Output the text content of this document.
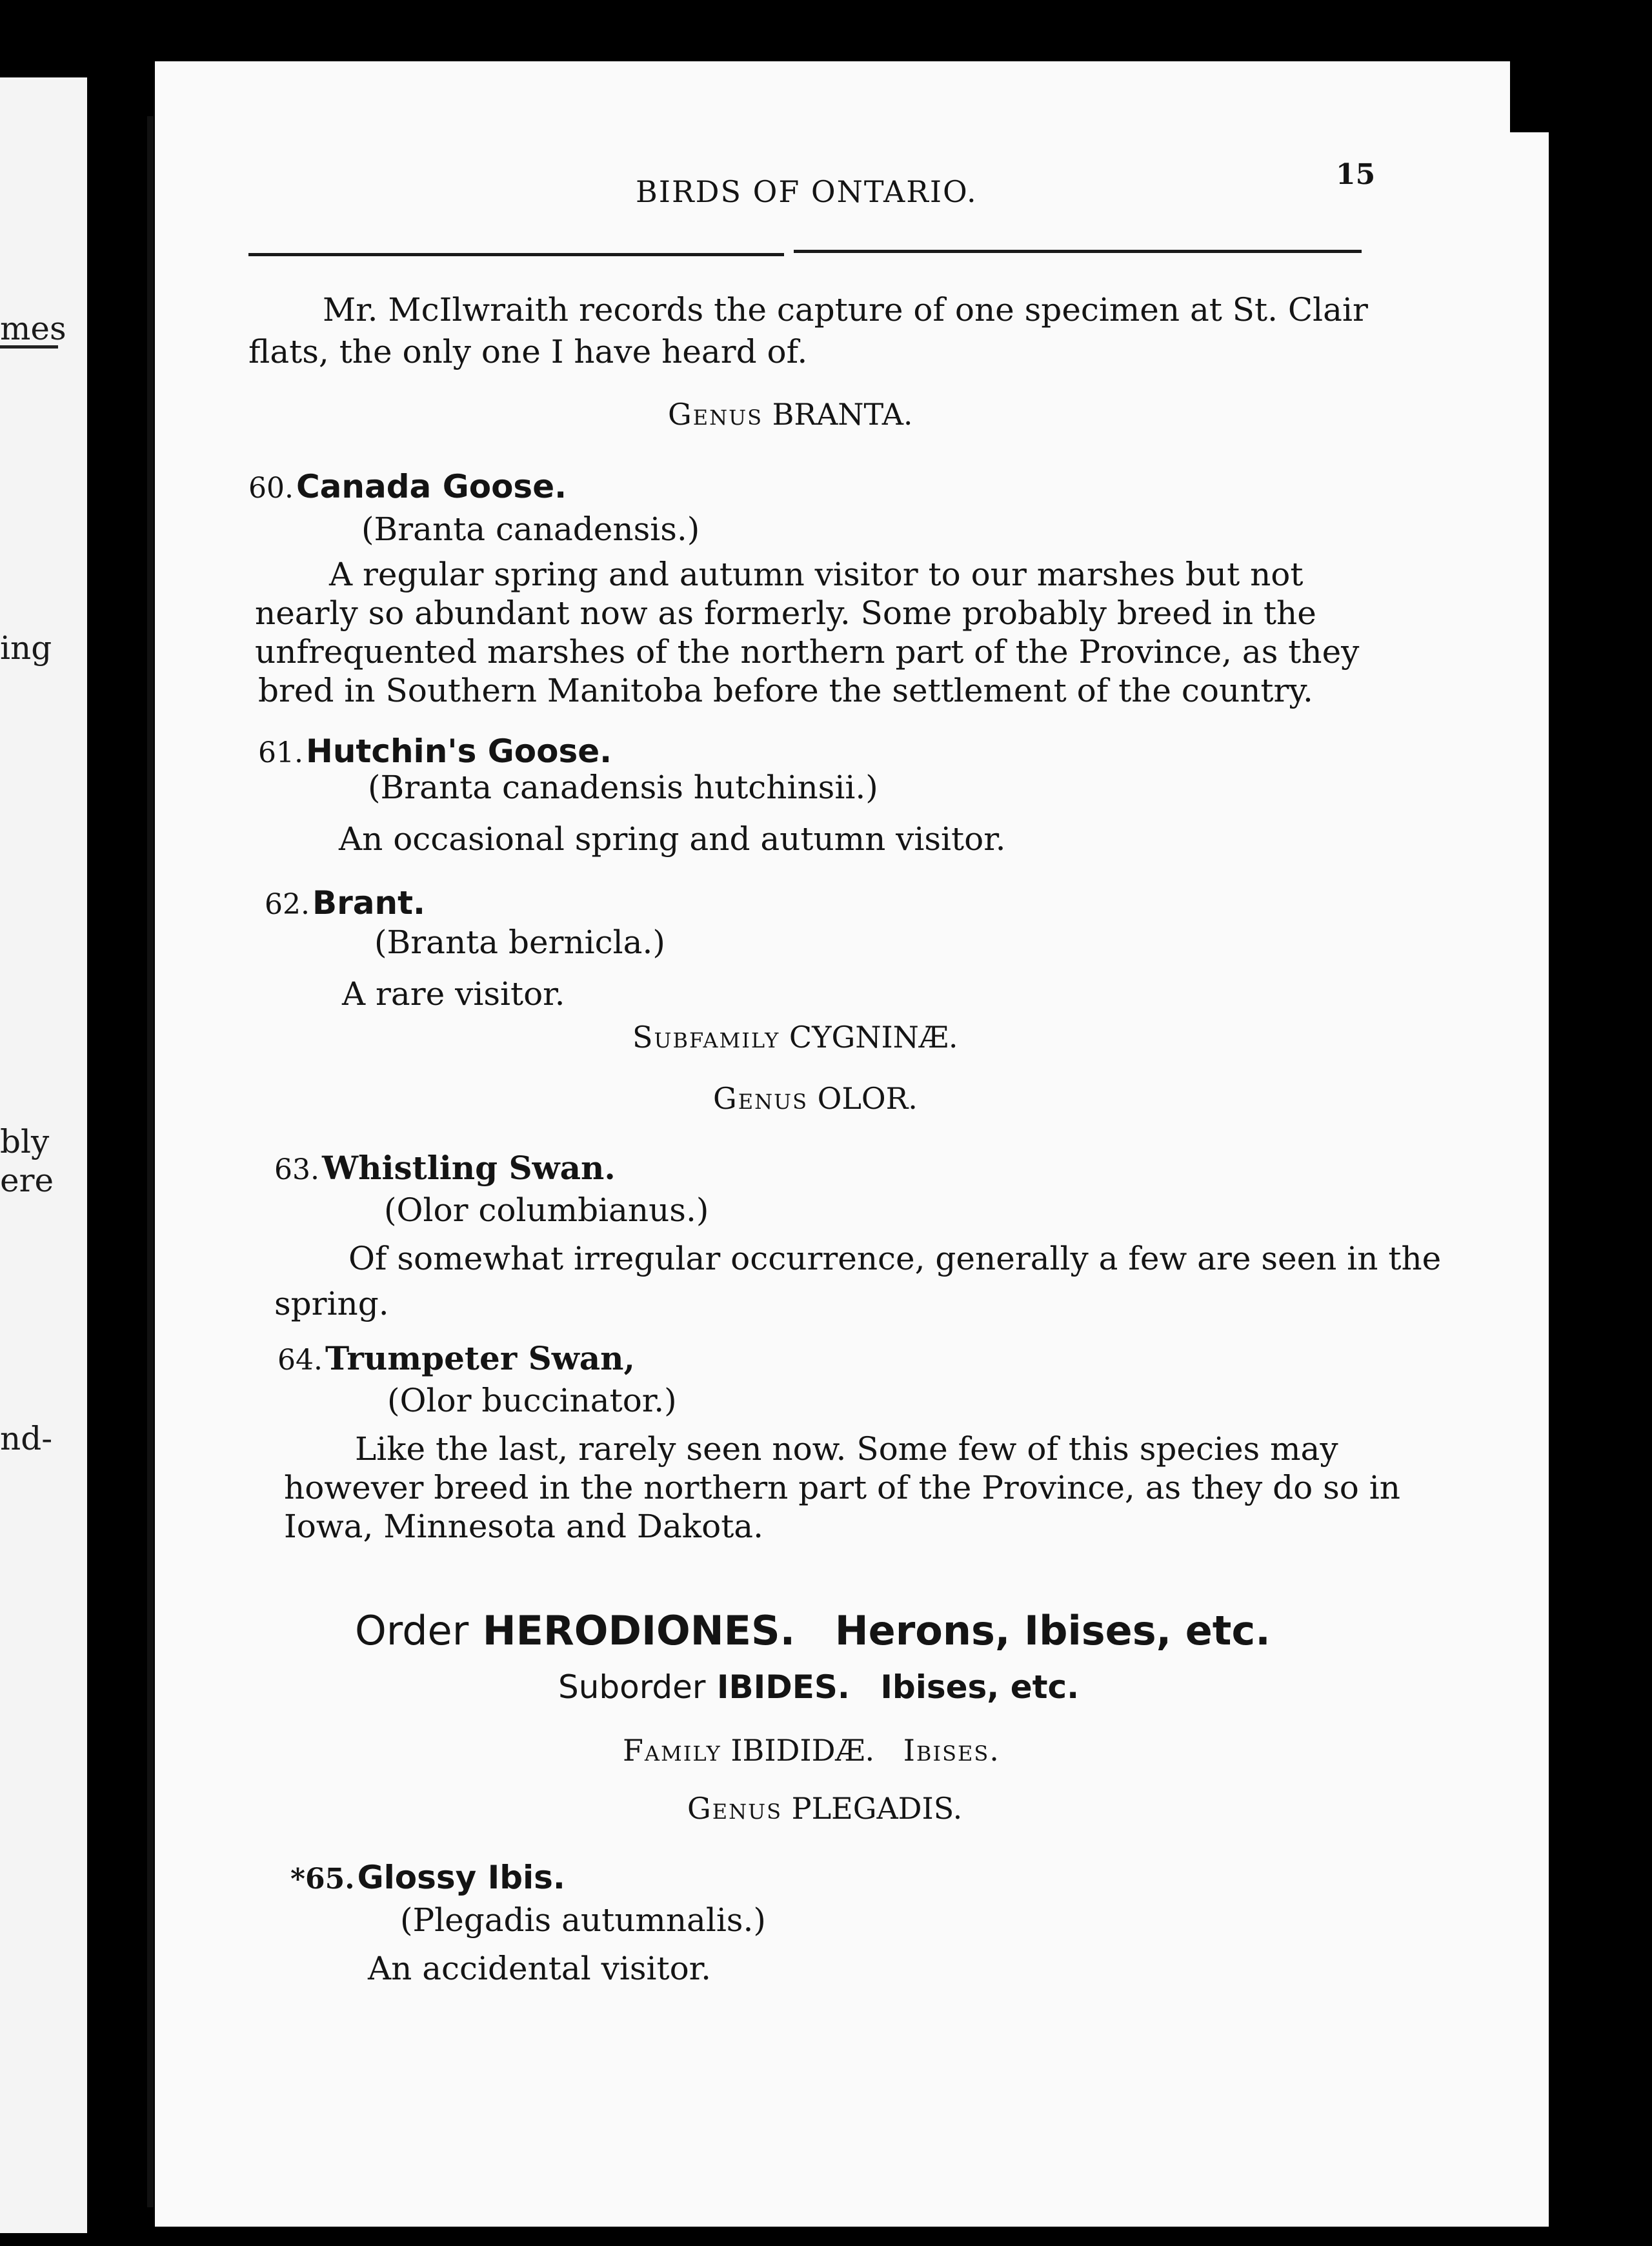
mes
ing
bly
ere
nd-
BIRDS OF ONTARIO.	15
Mr. McIlwraith records the capture of one specimen at St. Clair
flats, the only one I have heard of.
Genus BRANTA.
60. Canada Goose.
(Branta canadensis.)
A regular spring and autumn visitor to our marshes but not
nearly so abundant now as formerly. Some probably breed in the
unfrequented marshes of the northern part of the Province, as they
bred in Southern Manitoba before the settlement of the country.
61. Hutchin's Goose.
(Branta canadensis hutchinsii.)
An occasional spring and autumn visitor.
62. Brant.
(Branta bernicla.)
A rare visitor.
Subfamily CYGNINÆ.
Genus OLOR.
63. Whistling Swan.
(Olor columbianus.)
Of somewhat irregular occurrence, generally a few are seen in the
spring.
64. Trumpeter Swan,
(Olor buccinator.)
Like the last, rarely seen now. Some few of this species may
however breed in the northern part of the Province, as they do so in
Iowa, Minnesota and Dakota.
Order HERODIONES. Herons, Ibises, etc.
Suborder IBIDES. Ibises, etc.
Family IBIDIDÆ. Ibises.
Genus PLEGADIS.
*65. Glossy Ibis.
(Plegadis autumnalis.)
An accidental visitor.
